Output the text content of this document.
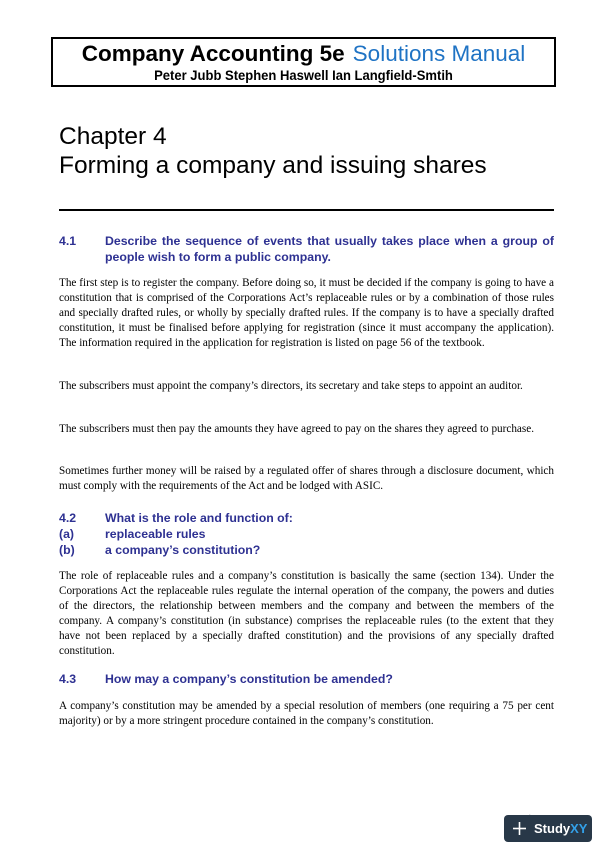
Company Accounting 5e Solutions Manual
Peter Jubb Stephen Haswell Ian Langfield-Smtih
Chapter 4
Forming a company and issuing shares
4.1	Describe the sequence of events that usually takes place when a group of people wish to form a public company.
The first step is to register the company. Before doing so, it must be decided if the company is going to have a constitution that is comprised of the Corporations Act’s replaceable rules or by a combination of those rules and specially drafted rules, or wholly by specially drafted rules. If the company is to have a specially drafted constitution, it must be finalised before applying for registration (since it must accompany the application). The information required in the application for registration is listed on page 56 of the textbook.
The subscribers must appoint the company’s directors, its secretary and take steps to appoint an auditor.
The subscribers must then pay the amounts they have agreed to pay on the shares they agreed to purchase.
Sometimes further money will be raised by a regulated offer of shares through a disclosure document, which must comply with the requirements of the Act and be lodged with ASIC.
4.2	What is the role and function of:
(a)	replaceable rules
(b)	a company’s constitution?
The role of replaceable rules and a company’s constitution is basically the same (section 134). Under the Corporations Act the replaceable rules regulate the internal operation of the company, the powers and duties of the directors, the relationship between members and the company and between the members of the company. A company’s constitution (in substance) comprises the replaceable rules (to the extent that they have not been replaced by a specially drafted constitution) and the provisions of any specially drafted constitution.
4.3	How may a company’s constitution be amended?
A company’s constitution may be amended by a special resolution of members (one requiring a 75 per cent majority) or by a more stringent procedure contained in the company’s constitution.
Study XY
